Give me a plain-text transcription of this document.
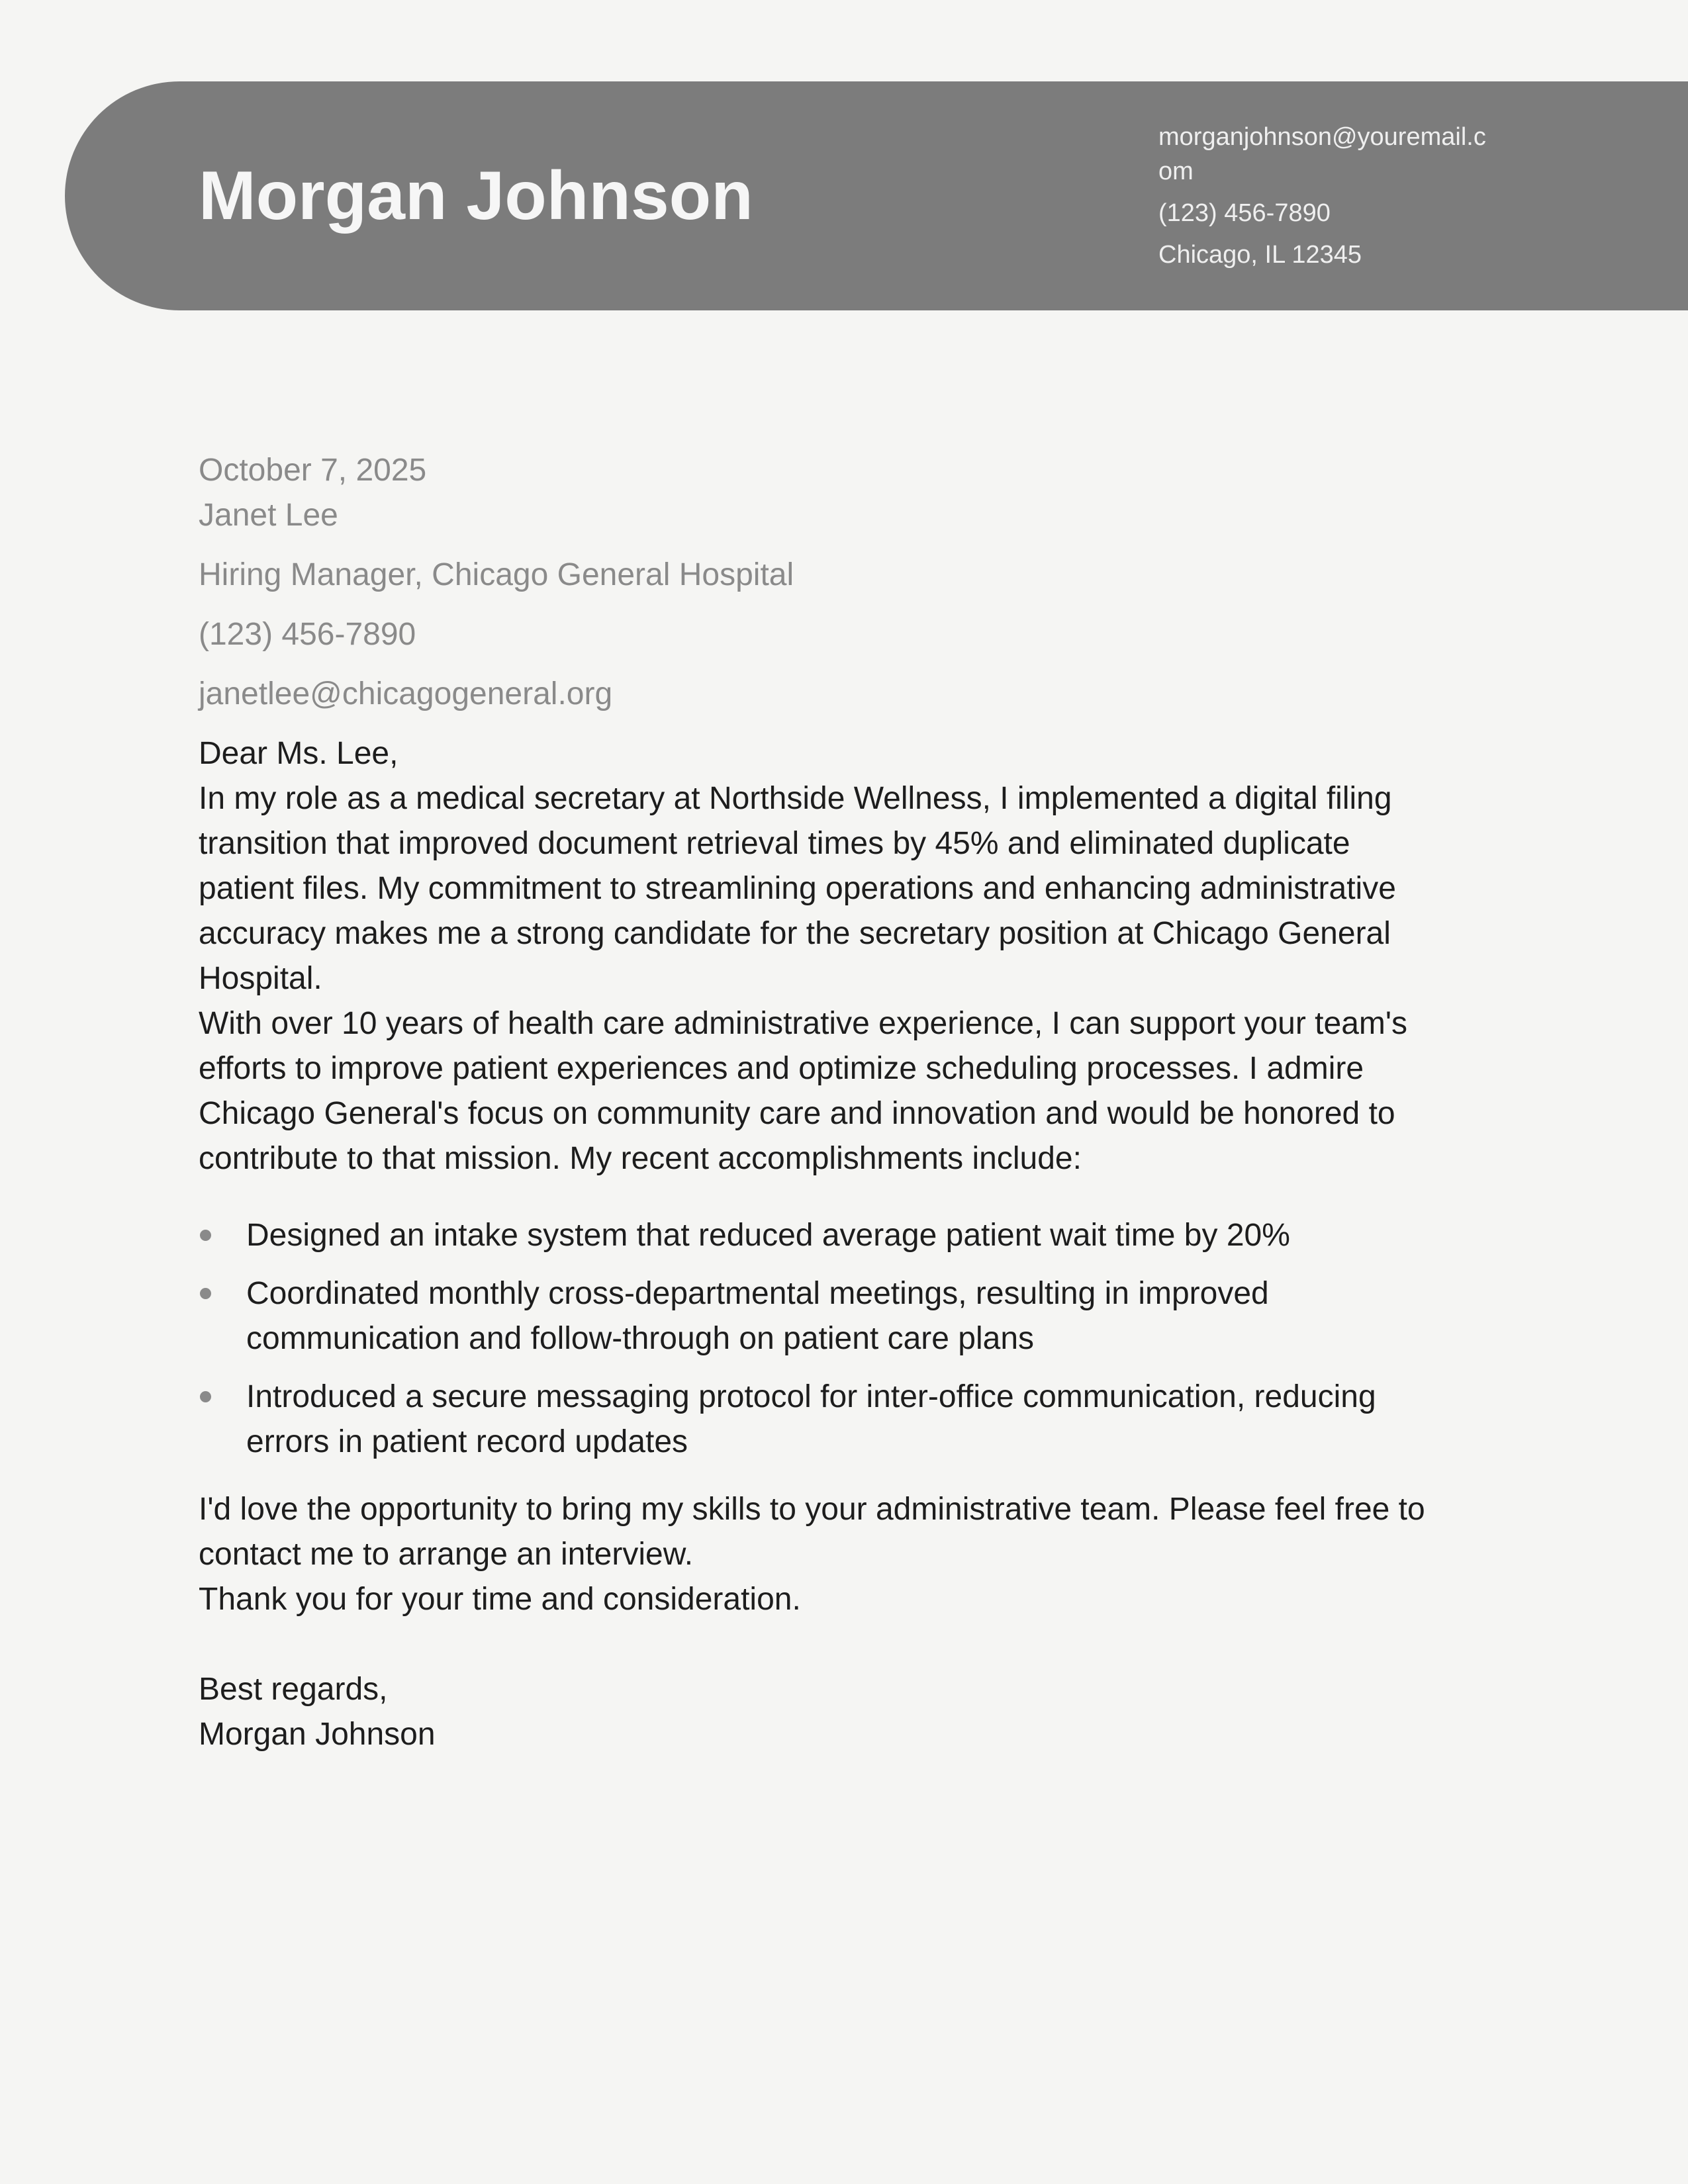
Morgan Johnson

morganjohnson@youremail.com

(123) 456-7890

Chicago, IL 12345

October 7, 2025

Janet Lee

Hiring Manager, Chicago General Hospital

(123) 456-7890

janetlee@chicagogeneral.org

Dear Ms. Lee,

In my role as a medical secretary at Northside Wellness, I implemented a digital filing transition that improved document retrieval times by 45% and eliminated duplicate patient files. My commitment to streamlining operations and enhancing administrative accuracy makes me a strong candidate for the secretary position at Chicago General Hospital.

With over 10 years of health care administrative experience, I can support your team's efforts to improve patient experiences and optimize scheduling processes. I admire Chicago General's focus on community care and innovation and would be honored to contribute to that mission. My recent accomplishments include:

Designed an intake system that reduced average patient wait time by 20%
Coordinated monthly cross-departmental meetings, resulting in improved communication and follow-through on patient care plans
Introduced a secure messaging protocol for inter-office communication, reducing errors in patient record updates

I'd love the opportunity to bring my skills to your administrative team. Please feel free to contact me to arrange an interview.

Thank you for your time and consideration.

Best regards,
Morgan Johnson
